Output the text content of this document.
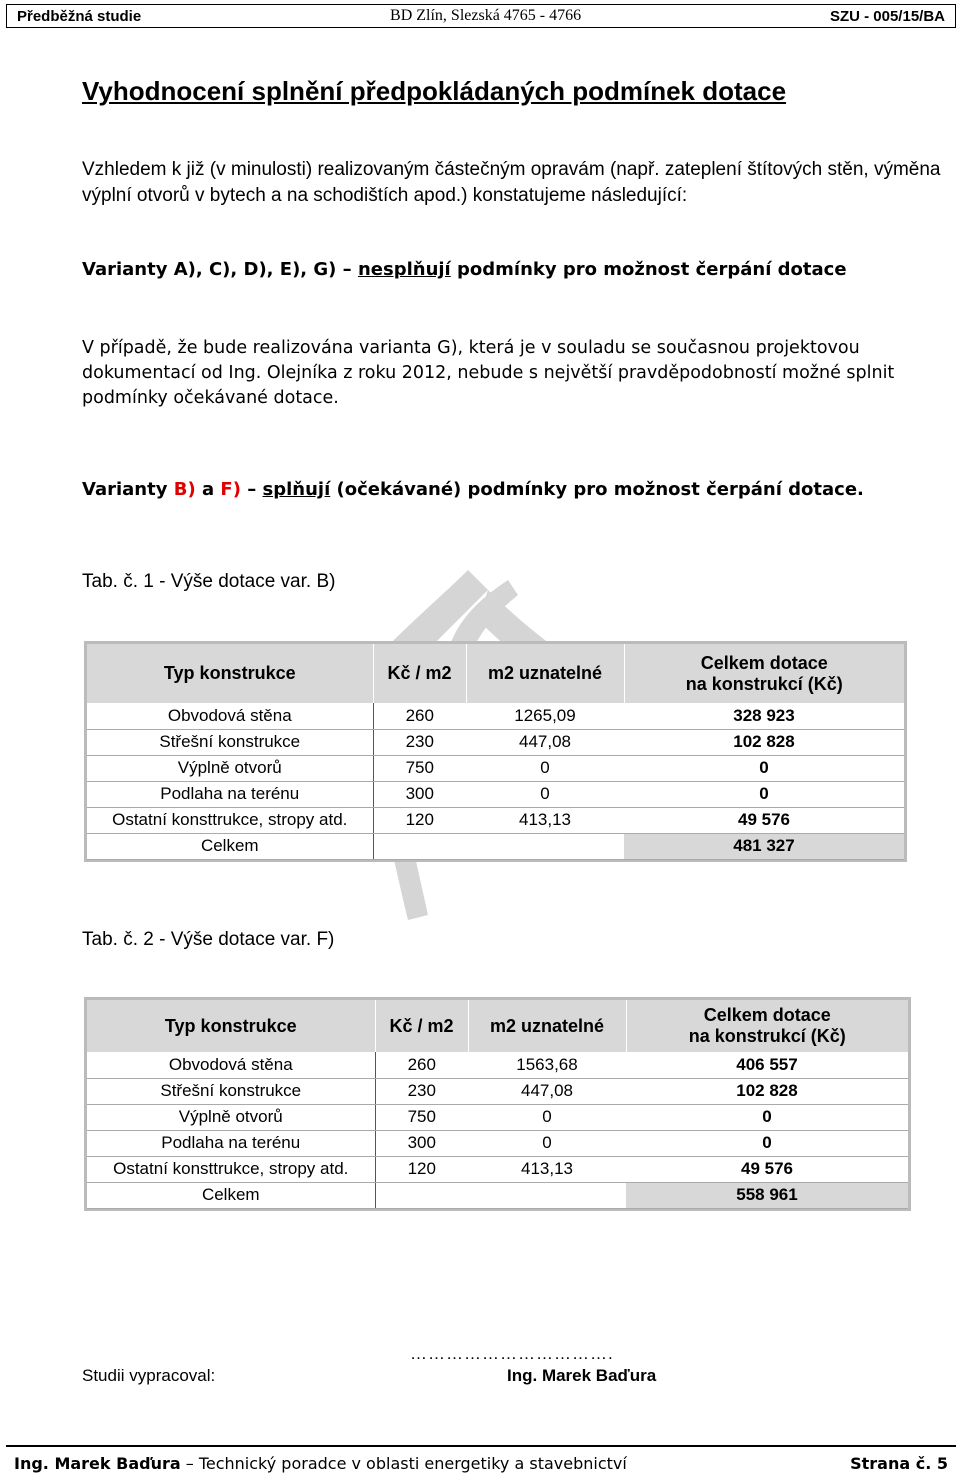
Předběžná studie	BD Zlín, Slezská 4765 - 4766	SZU - 005/15/BA
Vyhodnocení splnění předpokládaných podmínek dotace
Vzhledem k již (v minulosti) realizovaným částečným opravám (např. zateplení štítových stěn, výměna výplní otvorů v bytech a na schodištích apod.) konstatujeme následující:
Varianty A), C), D), E), G) – nesplňují podmínky pro možnost čerpání dotace
V případě, že bude realizována varianta G), která je v souladu se současnou projektovou dokumentací od Ing. Olejníka z roku 2012, nebude s největší pravděpodobností možné splnit podmínky očekávané dotace.
Varianty B) a F) – splňují (očekávané) podmínky pro možnost čerpání dotace.
Tab. č. 1 - Výše dotace var. B)
Typ konstrukce	Kč / m2	m2 uznatelné	Celkem dotace
na konstrukcí (Kč)

Obvodová stěna	260	1265,09	328 923
Střešní konstrukce	230	447,08	102 828
Výplně otvorů	750	0	0
Podlaha na terénu	300	0	0
Ostatní konsttrukce, stropy atd.	120	413,13	49 576
Celkem			481 327
Tab. č. 2 - Výše dotace var. F)
Typ konstrukce	Kč / m2	m2 uznatelné	Celkem dotace
na konstrukcí (Kč)

Obvodová stěna	260	1563,68	406 557
Střešní konstrukce	230	447,08	102 828
Výplně otvorů	750	0	0
Podlaha na terénu	300	0	0
Ostatní konsttrukce, stropy atd.	120	413,13	49 576
Celkem			558 961
…………………………….
Studii vypracoval:	Ing. Marek Baďura
Ing. Marek Baďura – Technický poradce v oblasti energetiky a stavebnictví	Strana č. 5
